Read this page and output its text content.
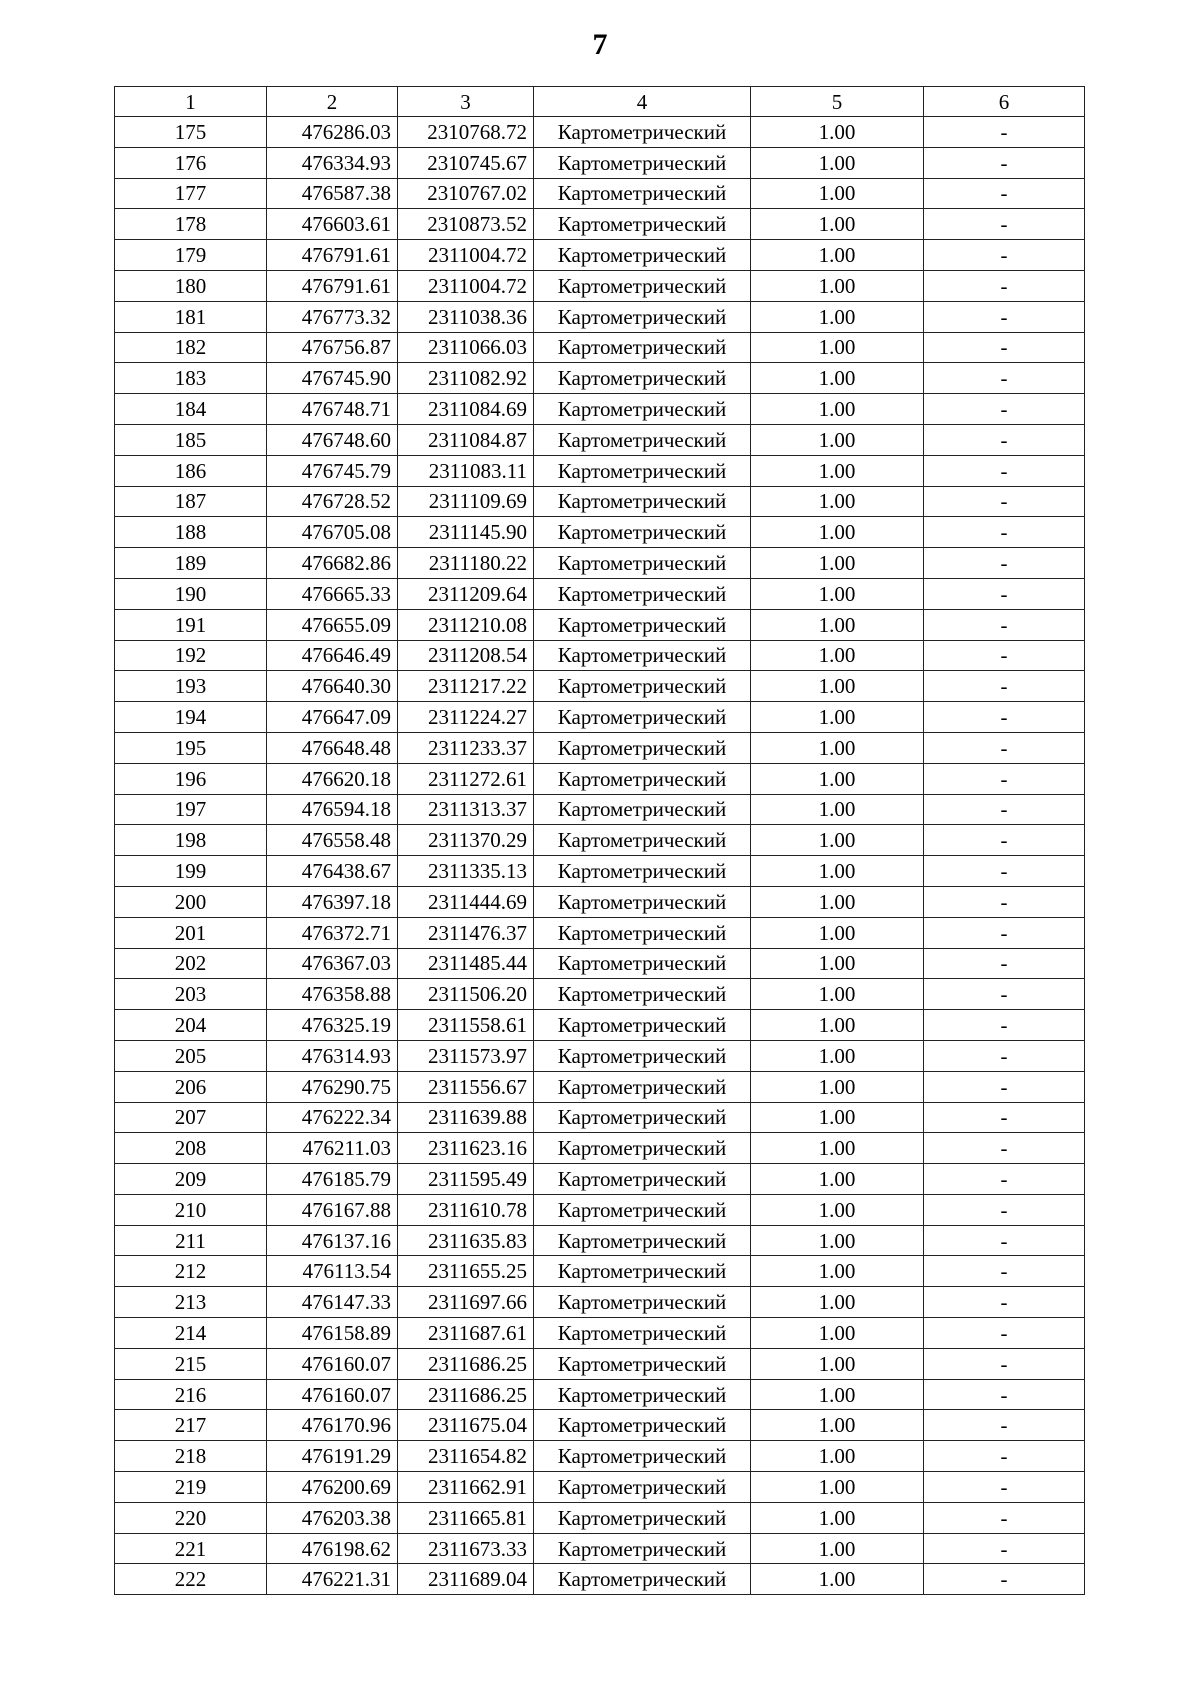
7
1	2	3	4	5	6
175	476286.03	2310768.72	Картометрический	1.00	-
176	476334.93	2310745.67	Картометрический	1.00	-
177	476587.38	2310767.02	Картометрический	1.00	-
178	476603.61	2310873.52	Картометрический	1.00	-
179	476791.61	2311004.72	Картометрический	1.00	-
180	476791.61	2311004.72	Картометрический	1.00	-
181	476773.32	2311038.36	Картометрический	1.00	-
182	476756.87	2311066.03	Картометрический	1.00	-
183	476745.90	2311082.92	Картометрический	1.00	-
184	476748.71	2311084.69	Картометрический	1.00	-
185	476748.60	2311084.87	Картометрический	1.00	-
186	476745.79	2311083.11	Картометрический	1.00	-
187	476728.52	2311109.69	Картометрический	1.00	-
188	476705.08	2311145.90	Картометрический	1.00	-
189	476682.86	2311180.22	Картометрический	1.00	-
190	476665.33	2311209.64	Картометрический	1.00	-
191	476655.09	2311210.08	Картометрический	1.00	-
192	476646.49	2311208.54	Картометрический	1.00	-
193	476640.30	2311217.22	Картометрический	1.00	-
194	476647.09	2311224.27	Картометрический	1.00	-
195	476648.48	2311233.37	Картометрический	1.00	-
196	476620.18	2311272.61	Картометрический	1.00	-
197	476594.18	2311313.37	Картометрический	1.00	-
198	476558.48	2311370.29	Картометрический	1.00	-
199	476438.67	2311335.13	Картометрический	1.00	-
200	476397.18	2311444.69	Картометрический	1.00	-
201	476372.71	2311476.37	Картометрический	1.00	-
202	476367.03	2311485.44	Картометрический	1.00	-
203	476358.88	2311506.20	Картометрический	1.00	-
204	476325.19	2311558.61	Картометрический	1.00	-
205	476314.93	2311573.97	Картометрический	1.00	-
206	476290.75	2311556.67	Картометрический	1.00	-
207	476222.34	2311639.88	Картометрический	1.00	-
208	476211.03	2311623.16	Картометрический	1.00	-
209	476185.79	2311595.49	Картометрический	1.00	-
210	476167.88	2311610.78	Картометрический	1.00	-
211	476137.16	2311635.83	Картометрический	1.00	-
212	476113.54	2311655.25	Картометрический	1.00	-
213	476147.33	2311697.66	Картометрический	1.00	-
214	476158.89	2311687.61	Картометрический	1.00	-
215	476160.07	2311686.25	Картометрический	1.00	-
216	476160.07	2311686.25	Картометрический	1.00	-
217	476170.96	2311675.04	Картометрический	1.00	-
218	476191.29	2311654.82	Картометрический	1.00	-
219	476200.69	2311662.91	Картометрический	1.00	-
220	476203.38	2311665.81	Картометрический	1.00	-
221	476198.62	2311673.33	Картометрический	1.00	-
222	476221.31	2311689.04	Картометрический	1.00	-
